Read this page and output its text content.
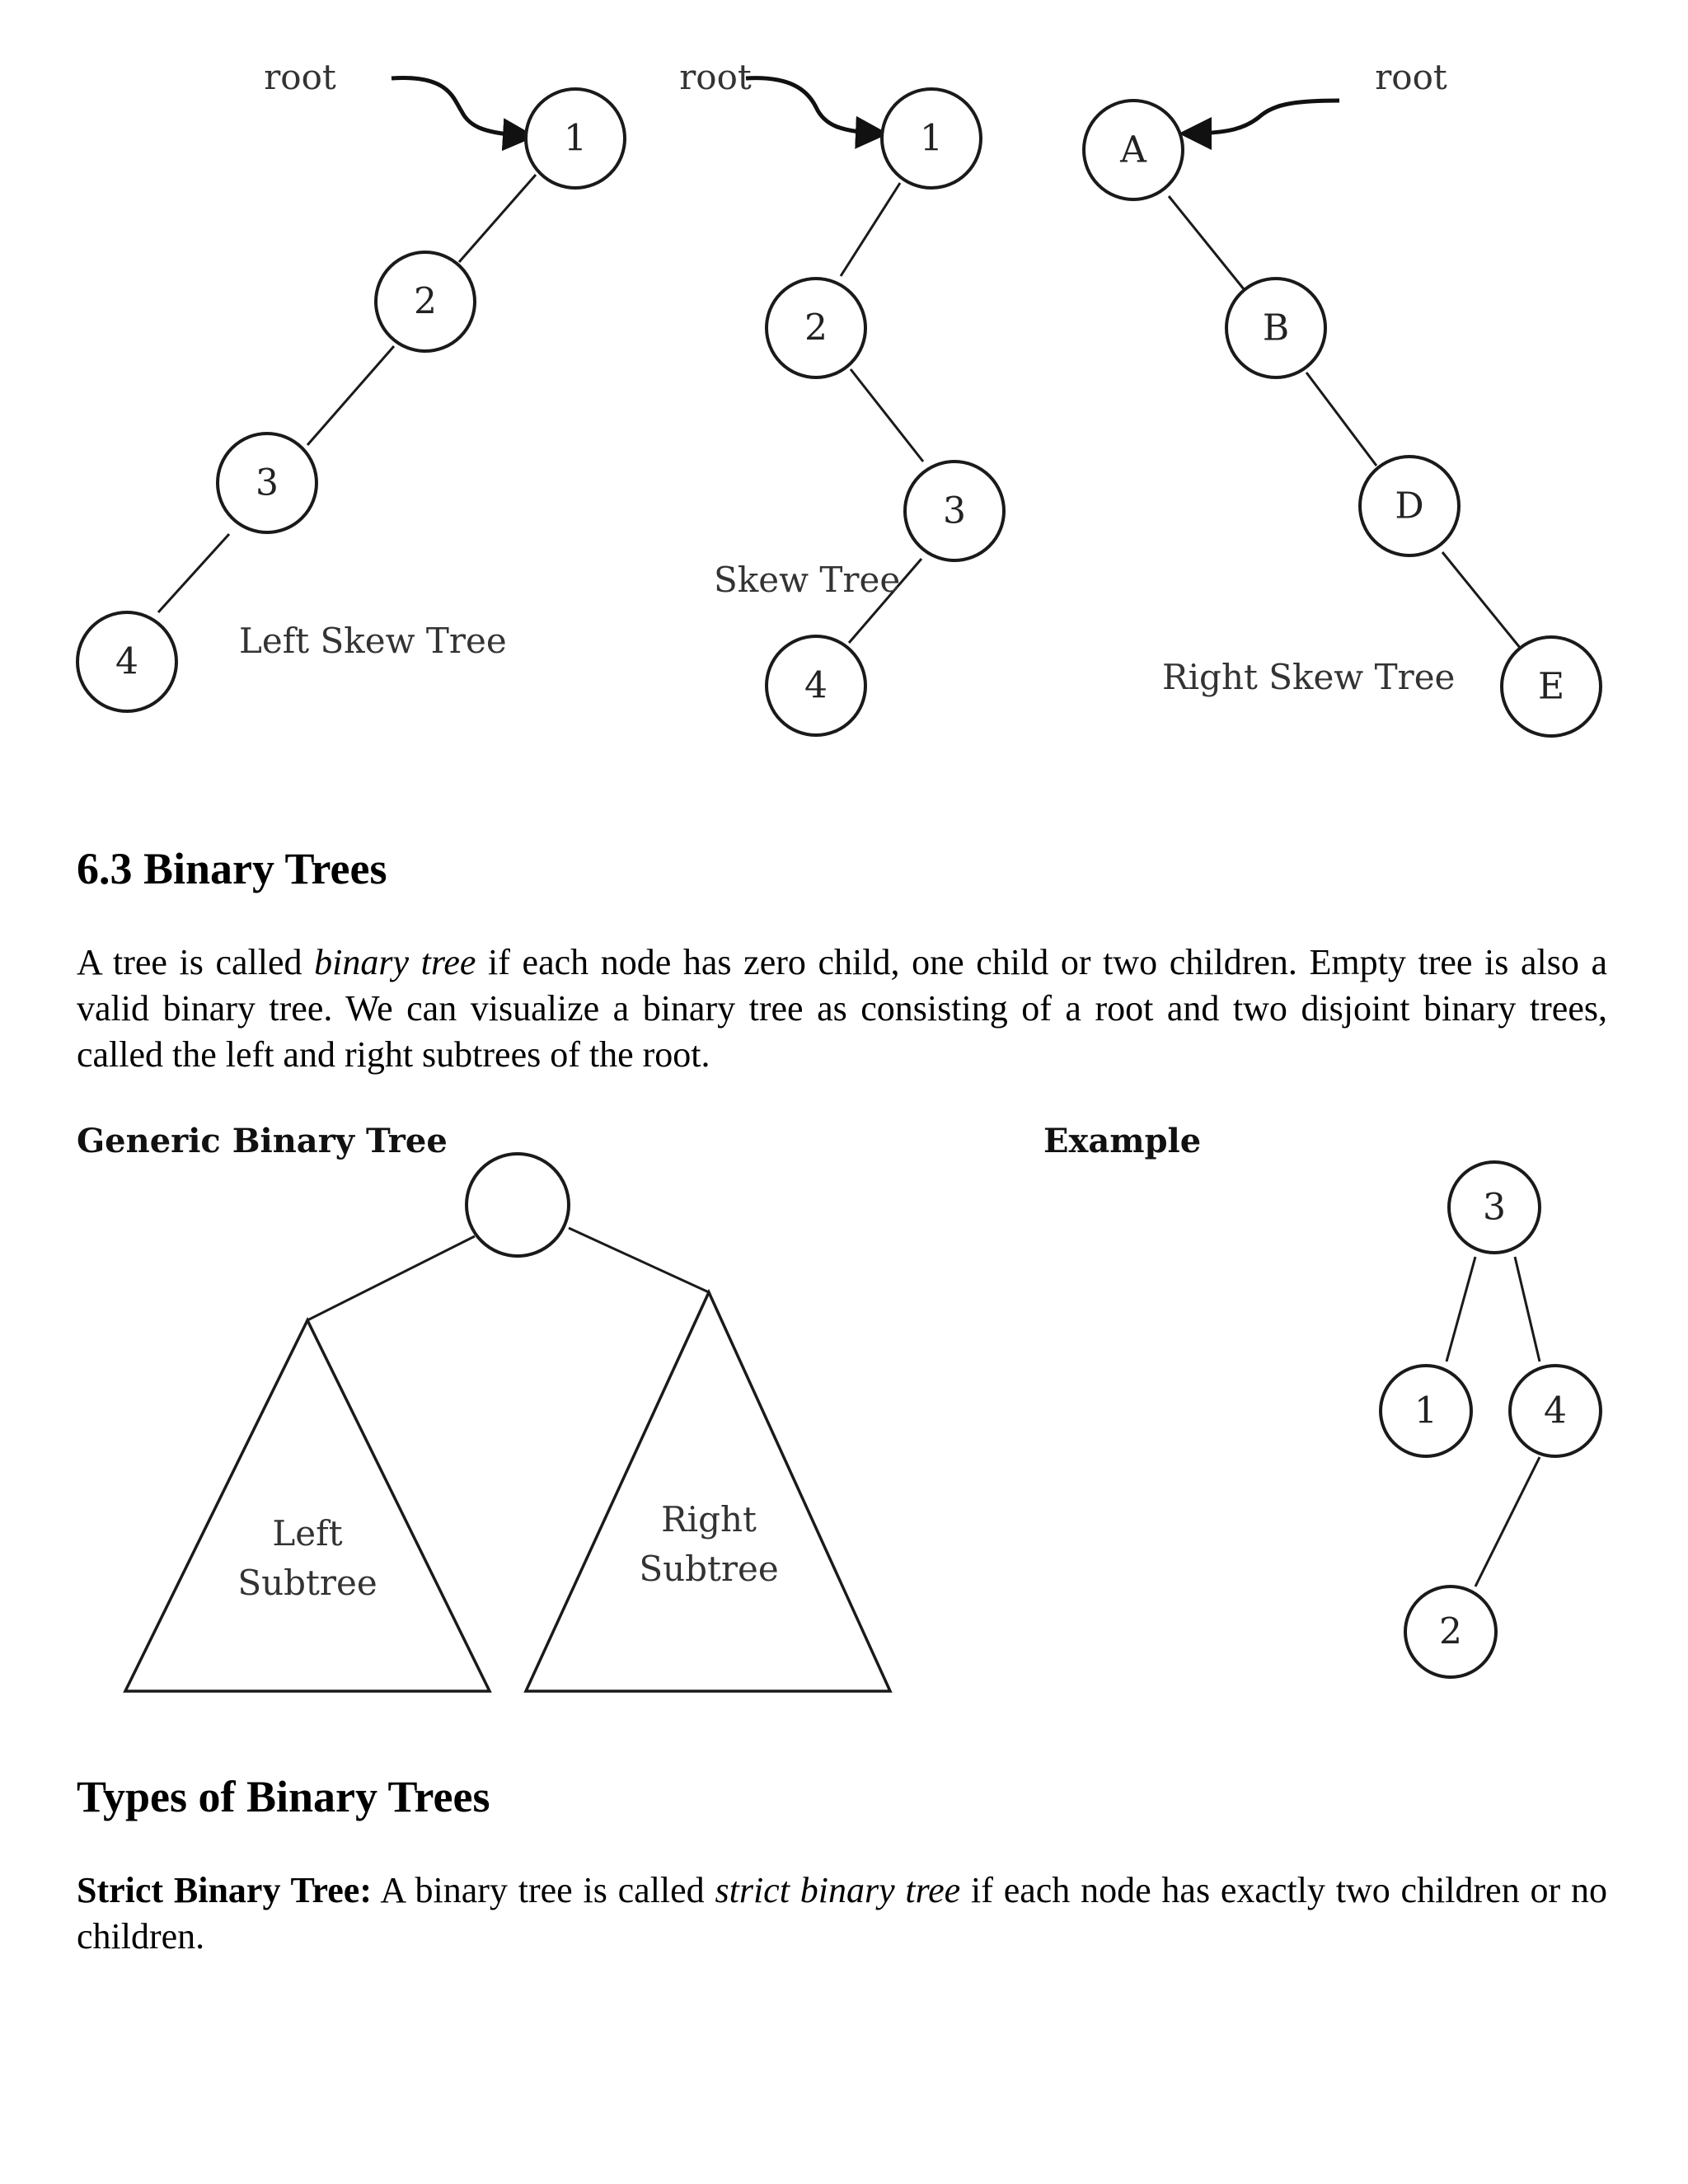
root
1
2
3
4	Left Skew Tree
root
1
2
3
4
Skew Tree
root
A
B
D
E
Right Skew Tree
Generic Binary Tree
Left
Subtree
Right
Subtree
Example
3
1	4
2
6.3 Binary Trees

A tree is called binary tree if each node has zero child, one child or two children. Empty tree is also a valid binary tree. We can visualize a binary tree as consisting of a root and two disjoint binary trees, called the left and right subtrees of the root.

Types of Binary Trees

Strict Binary Tree: A binary tree is called strict binary tree if each node has exactly two children or no children.
